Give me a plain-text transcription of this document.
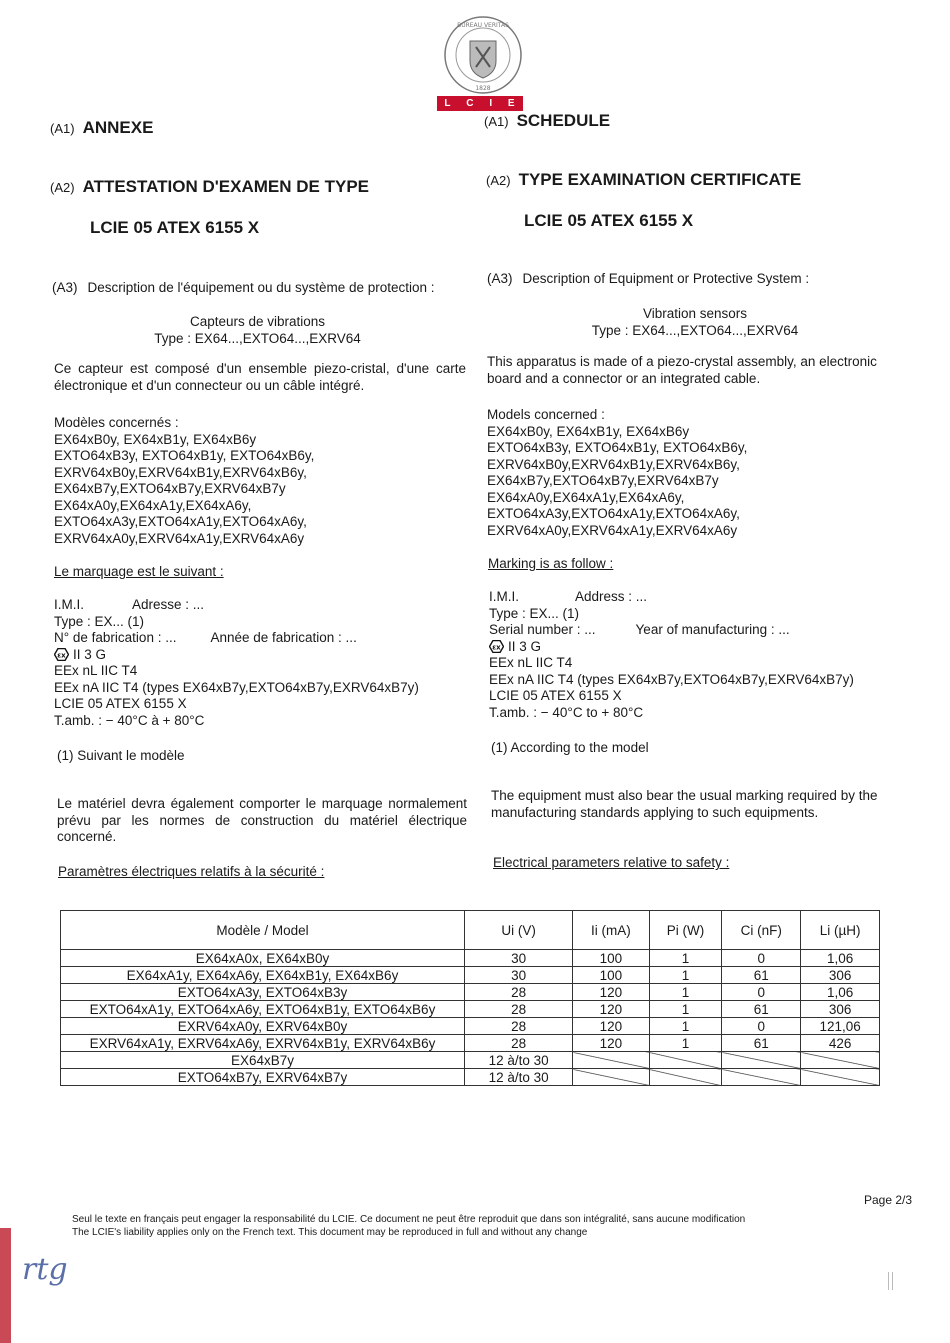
BUREAU VERITAS
1828
L C I E
(A1) ANNEXE
(A2) ATTESTATION D'EXAMEN DE TYPE
LCIE 05 ATEX 6155 X
(A3) Description de l'équipement ou du système de protection :
Capteurs de vibrations
Type : EX64...,EXTO64...,EXRV64
Ce capteur est composé d'un ensemble piezo-cristal, d'une carte électronique et d'un connecteur ou un câble intégré.
Modèles concernés :
EX64xB0y, EX64xB1y, EX64xB6y
EXTO64xB3y, EXTO64xB1y, EXTO64xB6y,
EXRV64xB0y,EXRV64xB1y,EXRV64xB6y,
EX64xB7y,EXTO64xB7y,EXRV64xB7y
EX64xA0y,EX64xA1y,EX64xA6y,
EXTO64xA3y,EXTO64xA1y,EXTO64xA6y,
EXRV64xA0y,EXRV64xA1y,EXRV64xA6y
Le marquage est le suivant :
I.M.I.	Adresse : ...
Type : EX... (1)
N° de fabrication : ...	Année de fabrication : ...
εx II 3 G
EEx nL IIC T4
EEx nA IIC T4 (types EX64xB7y,EXTO64xB7y,EXRV64xB7y)
LCIE 05 ATEX 6155 X
T.amb. : − 40°C à + 80°C
(1) Suivant le modèle
Le matériel devra également comporter le marquage normalement prévu par les normes de construction du matériel électrique concerné.
Paramètres électriques relatifs à la sécurité :
(A1) SCHEDULE
(A2) TYPE EXAMINATION CERTIFICATE
LCIE 05 ATEX 6155 X
(A3) Description of Equipment or Protective System :
Vibration sensors
Type : EX64...,EXTO64...,EXRV64
This apparatus is made of a piezo-crystal assembly, an electronic board and a connector or an integrated cable.
Models concerned :
EX64xB0y, EX64xB1y, EX64xB6y
EXTO64xB3y, EXTO64xB1y, EXTO64xB6y,
EXRV64xB0y,EXRV64xB1y,EXRV64xB6y,
EX64xB7y,EXTO64xB7y,EXRV64xB7y
EX64xA0y,EX64xA1y,EX64xA6y,
EXTO64xA3y,EXTO64xA1y,EXTO64xA6y,
EXRV64xA0y,EXRV64xA1y,EXRV64xA6y
Marking is as follow :
I.M.I.	Address : ...
Type : EX... (1)
Serial number : ...	Year of manufacturing : ...
εx II 3 G
EEx nL IIC T4
EEx nA IIC T4 (types EX64xB7y,EXTO64xB7y,EXRV64xB7y)
LCIE 05 ATEX 6155 X
T.amb. : − 40°C to + 80°C
(1) According to the model
The equipment must also bear the usual marking required by the manufacturing standards applying to such equipments.
Electrical parameters relative to safety :
Modèle / Model	Ui (V)	Ii (mA)	Pi (W)	Ci (nF)	Li (µH)
EX64xA0x, EX64xB0y	30	100	1	0	1,06
EX64xA1y, EX64xA6y, EX64xB1y, EX64xB6y	30	100	1	61	306
EXTO64xA3y, EXTO64xB3y	28	120	1	0	1,06
EXTO64xA1y, EXTO64xA6y, EXTO64xB1y, EXTO64xB6y	28	120	1	61	306
EXRV64xA0y, EXRV64xB0y	28	120	1	0	121,06
EXRV64xA1y, EXRV64xA6y, EXRV64xB1y, EXRV64xB6y	28	120	1	61	426
EX64xB7y	12 à/to 30				
EXTO64xB7y, EXRV64xB7y	12 à/to 30				
Page 2/3
Seul le texte en français peut engager la responsabilité du LCIE. Ce document ne peut être reproduit que dans son intégralité, sans aucune modification
The LCIE's liability applies only on the French text. This document may be reproduced in full and without any change
rtg
